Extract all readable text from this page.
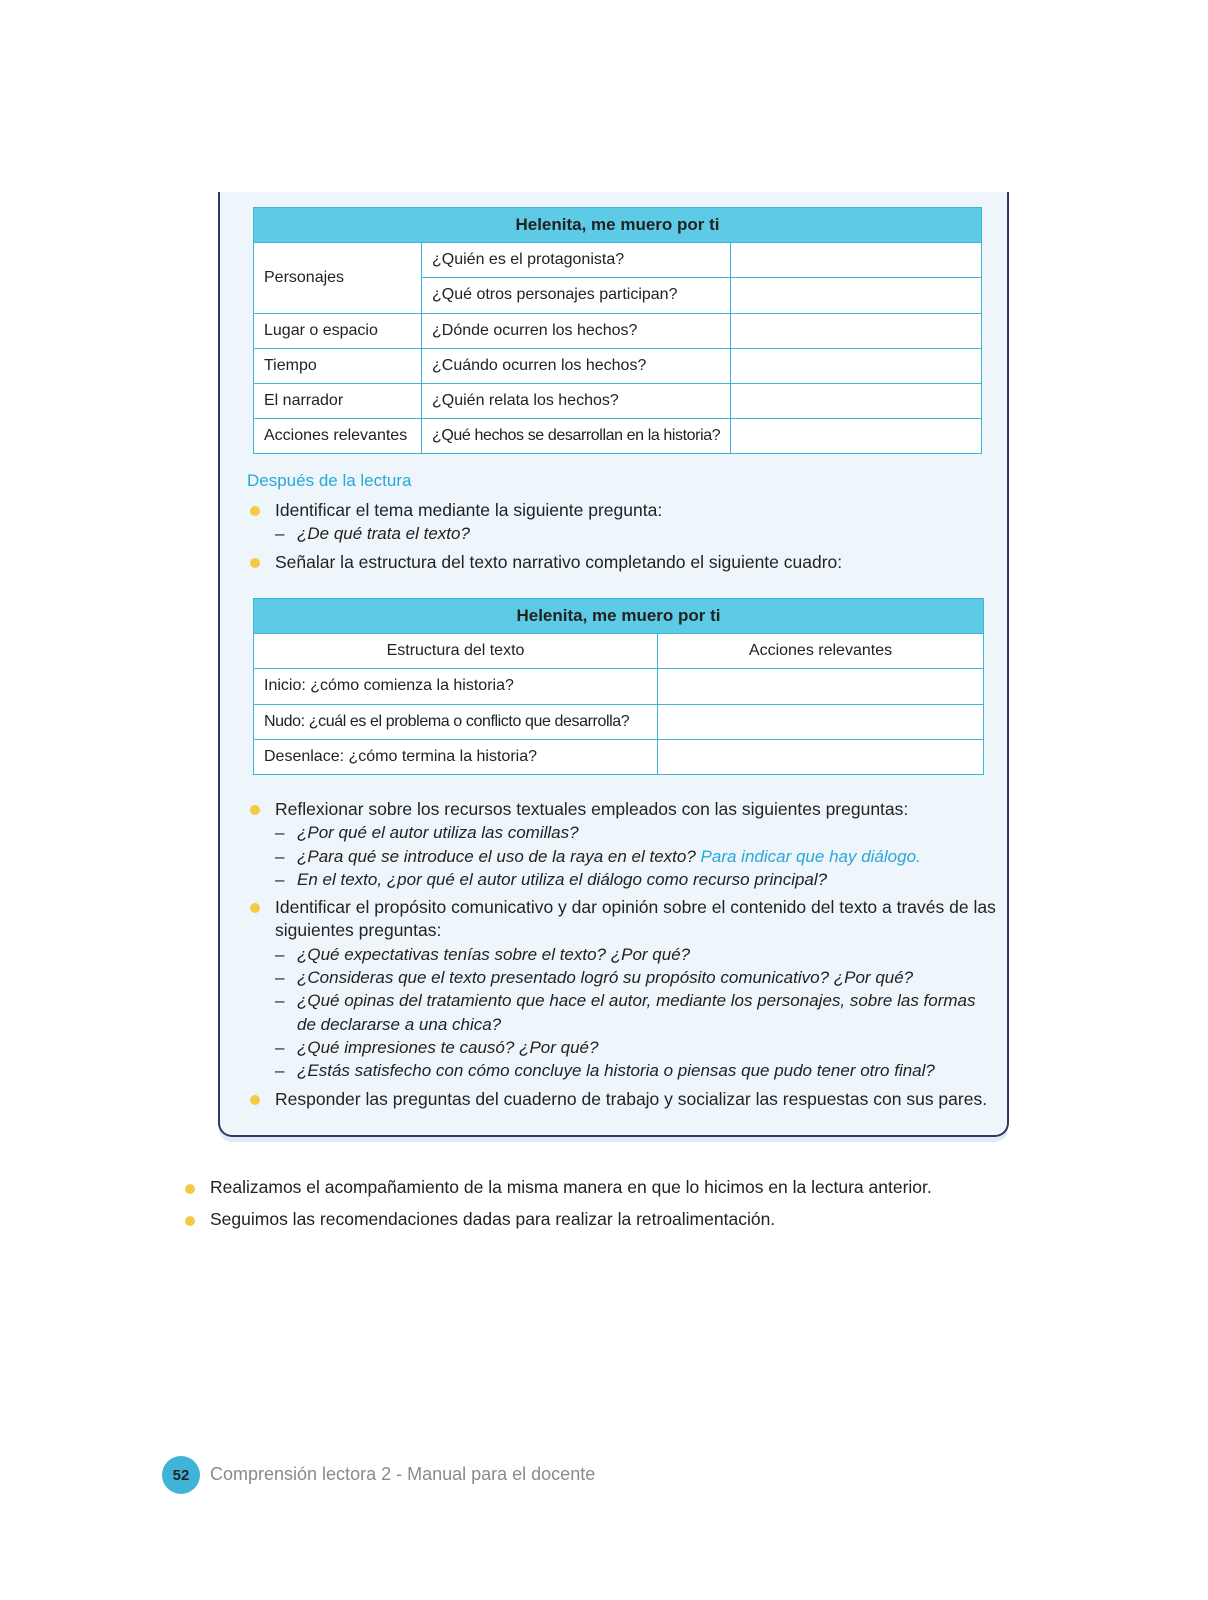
Helenita, me muero por ti		
Personajes	¿Quién es el protagonista?	
	¿Qué otros personajes participan?	
Lugar o espacio	¿Dónde ocurren los hechos?	
Tiempo	¿Cuándo ocurren los hechos?	
El narrador	¿Quién relata los hechos?	
Acciones relevantes	¿Qué hechos se desarrollan en la historia?	
Después de la lectura
Identificar el tema mediante la siguiente pregunta:
– ¿De qué trata el texto?
Señalar la estructura del texto narrativo completando el siguiente cuadro:
Helenita, me muero por ti	
Estructura del texto	Acciones relevantes
Inicio: ¿cómo comienza la historia?	
Nudo: ¿cuál es el problema o conflicto que desarrolla?	
Desenlace: ¿cómo termina la historia?	
Reflexionar sobre los recursos textuales empleados con las siguientes preguntas:
– ¿Por qué el autor utiliza las comillas?
– ¿Para qué se introduce el uso de la raya en el texto? Para indicar que hay diálogo.
– En el texto, ¿por qué el autor utiliza el diálogo como recurso principal?
Identificar el propósito comunicativo y dar opinión sobre el contenido del texto a través de las siguientes preguntas:
– ¿Qué expectativas tenías sobre el texto? ¿Por qué?
– ¿Consideras que el texto presentado logró su propósito comunicativo? ¿Por qué?
– ¿Qué opinas del tratamiento que hace el autor, mediante los personajes, sobre las formas de declararse a una chica?
– ¿Qué impresiones te causó? ¿Por qué?
– ¿Estás satisfecho con cómo concluye la historia o piensas que pudo tener otro final?
Responder las preguntas del cuaderno de trabajo y socializar las respuestas con sus pares.
Realizamos el acompañamiento de la misma manera en que lo hicimos en la lectura anterior.
Seguimos las recomendaciones dadas para realizar la retroalimentación.
52	Comprensión lectora 2 - Manual para el docente
